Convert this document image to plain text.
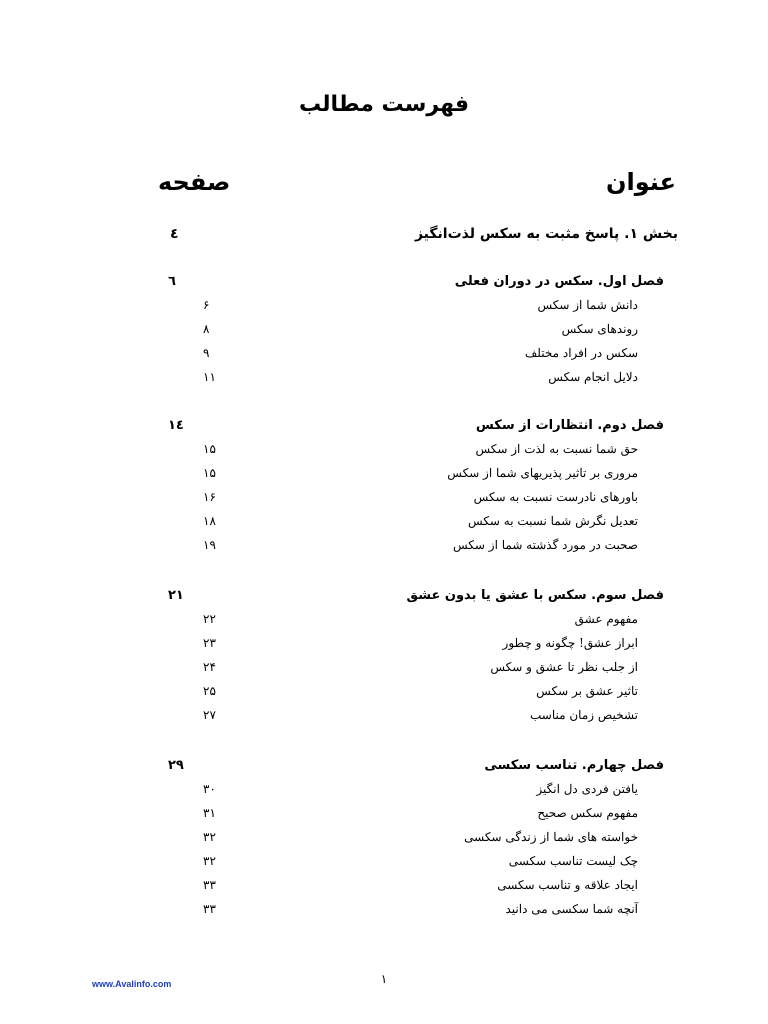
فهرست مطالب
عنوان
صفحه
بخش ۱. پاسخ مثبت به سکس لذت‌انگیز
٤
فصل اول. سکس در دوران فعلی
٦
دانش شما از سکس
۶
روندهای سکس
۸
سکس در افراد مختلف
۹
دلایل انجام سکس
۱۱
فصل دوم. انتظارات از سکس
١٤
حق شما نسبت به لذت از سکس
۱۵
مروری بر تاثیر پذیریهای شما از سکس
۱۵
باورهای نادرست نسبت به سکس
۱۶
تعدیل نگرش شما نسبت به سکس
۱۸
صحبت در مورد گذشته شما از سکس
۱۹
فصل سوم. سکس با عشق یا بدون عشق
۲۱
مفهوم عشق
۲۲
ابراز عشق! چگونه و چطور
۲۳
از جلب نظر تا عشق و سکس
۲۴
تاثیر عشق بر سکس
۲۵
تشخیص زمان مناسب
۲۷
فصل چهارم. تناسب سکسی
۲۹
یافتن فردی دل انگیز
۳۰
مفهوم سکس صحیح
۳۱
خواسته های شما از زندگی سکسی
۳۲
چک لیست تناسب سکسی
۳۲
ایجاد علاقه و تناسب سکسی
۳۳
آنچه شما سکسی می دانید
۳۳
www.Avalinfo.com	۱
